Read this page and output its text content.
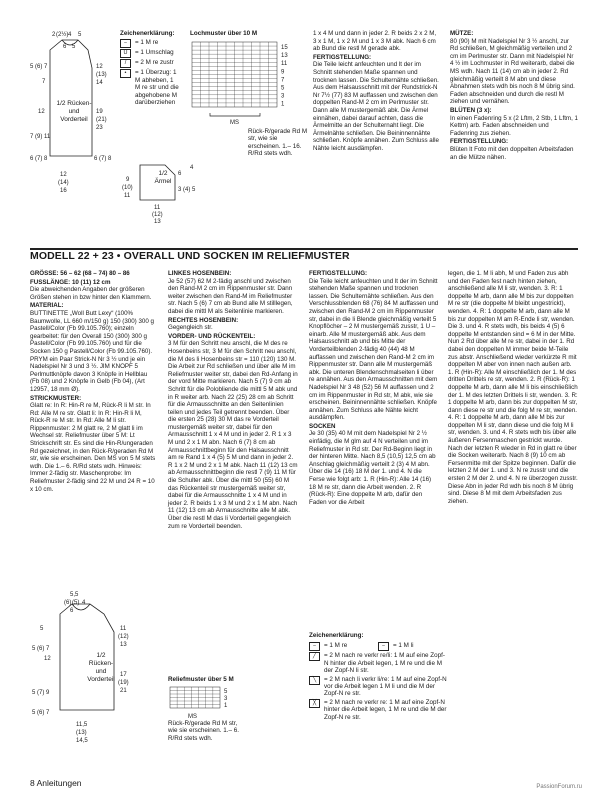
2 (2½) 4 5
6 5
5 (6) 7
7
12
(13)
14
12	19
(21)
23
7 (9) 11
6 (7) 8	6 (7) 8
12
(14)
16
1/2 Rücken- und Vorderteil
Zeichenerklärung:
−	= 1 M re
U	= 1 Umschlag
/	= 2 M re zustr
•	= 1 Überzug: 1 M abheben, 1 M re str und die abgehobene M darüberziehen
9
(10)
11
6
4
3 (4) 5
11
(12)
13
1/2 Ärmel
Lochmuster über 10 M
15
13
11
9
7
5
3
1
MS
Rück-R/gerade Rd M str, wie sie erscheinen. 1.– 16. R/Rd stets wdh.

1 x 4 M und dann in jeder 2. R beids 2 x 2 M, 3 x 1 M, 1 x 2 M und 1 x 3 M abk. Nach 6 cm ab Bund die restl M gerade abk.

FERTIGSTELLUNG:

Die Teile leicht anfeuchten und lt der im Schnitt stehenden Maße spannen und trocknen lassen. Die Schulternähte schließen. Aus dem Halsausschnitt mit der Rundstrick-N Nr 7½ (77) 83 M auffassen und zwischen den doppelten Rand-M 2 cm im Perlmuster str. Dann alle M mustergemäß abk. Die Ärmel einnähen, dabei darauf achten, dass die Ärmelmitte an der Schulternaht liegt. Die Ärmelnähte schließen. Die Beininnennähte schließen. Knöpfe annähen. Zum Schluss alle Nähte leicht ausdämpfen.

MÜTZE:

80 (90) M mit Nadelspiel Nr 3 ½ anschl, zur Rd schließen, M gleichmäßig verteilen und 2 cm im Perlmuster str. Dann mit Nadelspiel Nr 4 ½ im Lochmuster in Rd weiterarb, dabei die MS wdh. Nach 11 (14) cm ab in jeder 2. Rd gleichmäßig verteilt 8 M abn und diese Abnahmen stets wdh bis noch 8 M übrig sind. Faden abschneiden und durch die restl M ziehen und vernähen.

BLÜTEN (3 x):

In einen Fadenring 5 x (2 Lftm, 2 Stb, 1 Lftm, 1 Kettm) arb. Faden abschneiden und Fadenring zus ziehen.

FERTIGSTELLUNG:

Blüten lt Foto mit den doppelten Arbeitsfaden an die Mütze nähen.

MODELL 22 + 23 • OVERALL UND SOCKEN IM RELIEFMUSTER
GRÖSSE: 56 – 62 (68 – 74) 80 – 86

FUSSLÄNGE: 10 (11) 12 cm

Die abweichenden Angaben der größeren Größen stehen in bzw hinter den Klammern.

MATERIAL:

BUTTINETTE „Woll Butt Lexy“ (100% Baumwolle, LL 660 m/150 g) 150 (300) 300 g Pastell/Color (Fb 99.105.760); einzeln gearbeitet: für den Overall 150 (300) 300 g Pastell/Color (Fb 99.105.760) und für die Socken 150 g Pastell/Color (Fb 99.105.760). PRYM ein Paar Strick-N Nr 3 ½ und je ein Nadelspiel Nr 3 und 3 ½. JIM KNOPF 5 Perlmuttknöpfe davon 3 Knöpfe in Hellblau (Fb 08) und 2 Knöpfe in Gelb (Fb 04), (Art 12957, 18 mm Ø).

STRICKMUSTER:

Glatt re: In R: Hin-R re M, Rück-R li M str. In Rd: Alle M re str. Glatt li: In R: Hin-R li M, Rück-R re M str. In Rd: Alle M li str. Rippenmuster: 2 M glatt re, 2 M glatt li im Wechsel str. Reliefmuster über 5 M: Lt Strickschrift str. Es sind die Hin-R/ungeraden Rd gezeichnet, in den Rück-R/geraden Rd M str, wie sie erscheinen. Den MS von 5 M stets wdh. Die 1.– 6. R/Rd stets wdh. Hinweis: Immer 2-fädig str. Maschenprobe: Im Reliefmuster 2-fädig sind 22 M und 24 R = 10 x 10 cm.

LINKES HOSENBEIN:

Je 52 (57) 62 M 2-fädig anschl und zwischen den Rand-M 2 cm im Rippenmuster str. Dann weiter zwischen den Rand-M im Reliefmuster str. Nach 5 (6) 7 cm ab Bund alle M stilllegen, dabei die mittl M als Seitenlinie markieren.

RECHTES HOSENBEIN:

Gegengleich str.

VORDER- UND RÜCKENTEIL:

3 M für den Schritt neu anschl, die M des re Hosenbeins str, 3 M für den Schritt neu anschl, die M des li Hosenbeins str = 110 (120) 130 M. Die Arbeit zur Rd schließen und über alle M im Reliefmuster weiter str, dabei den Rd-Anfang in der vord Mitte markieren. Nach 5 (7) 9 cm ab Schritt für die Polobliende die mittl 5 M abk und in R weiter arb. Nach 22 (25) 28 cm ab Schritt für die Armausschnitte an den Seitenlinien teilen und jedes Teil getrennt beenden. Über die ersten 25 (28) 30 M das re Vorderteil mustergemäß weiter str, dabei für den Armausschnitt 1 x 4 M und in jeder 2. R 1 x 3 M und 2 x 1 M abn. Nach 6 (7) 8 cm ab Armausschnittbeginn für den Halsausschnitt am re Rand 1 x 4 (5) 5 M und dann in jeder 2. R 1 x 2 M und 2 x 1 M abk. Nach 11 (12) 13 cm ab Armausschnittbeginn die restl 7 (9) 11 M für die Schulter abk. Über die mittl 50 (55) 60 M das Rückenteil str mustergemäß weiter str, dabei für die Armausschnitte 1 x 4 M und in jeder 2. R beids 1 x 3 M und 2 x 1 M abn. Nach 11 (12) 13 cm ab Armausschnitte alle M abk. Über die restl M das li Vorderteil gegengleich zum re Vorderteil beenden.

FERTIGSTELLUNG:

Die Teile leicht anfeuchten und lt der im Schnitt stehenden Maße spannen und trocknen lassen. Die Schulternähte schließen. Aus den Verschlussblenden 68 (76) 84 M auffassen und zwischen den Rand-M 2 cm im Rippenmuster str, dabei in die li Blende gleichmäßig verteilt 5 Knopflöcher – 2 M mustergemäß zusstr, 1 U – einarb. Alle M mustergemäß abk. Aus dem Halsausschnitt ab und bis Mitte der Vorderteilblenden 2-fädig 40 (44) 48 M auffassen und zwischen den Rand-M 2 cm im Rippenmuster str. Dann alle M mustergemäß abk. Die unteren Blendenschmalseiten li über re annähen. Aus den Armausschnitten mit dem Nadelspiel Nr 3 48 (52) 56 M auffassen und 2 cm im Rippenmuster in Rd str, M abk, wie sie erscheinen. Beininnennähte schließen. Knöpfe annähen. Zum Schluss alle Nähte leicht ausdämpfen.

SOCKEN

Je 30 (35) 40 M mit dem Nadelspiel Nr 2 ½ einfädig, die M glm auf 4 N verteilen und im Reliefmuster in Rd str. Der Rd-Beginn liegt in der hinteren Mitte. Nach 8,5 (10,5) 12,5 cm ab Anschlag gleichmäßig verteilt 2 (3) 4 M abn. Über die 14 (16) 18 M der 1. und 4. N die Ferse wie folgt arb: 1. R (Hin-R): Alle 14 (16) 18 M re str, dann die Arbeit wenden. 2. R (Rück-R): Eine doppelte M arb, dafür den Faden vor die Arbeit

legen, die 1. M li abh, M und Faden zus abh und den Faden fest nach hinten ziehen, anschließend alle M li str, wenden. 3. R: 1 doppelte M arb, dann alle M bis zur doppelten M re str (die doppelte M bleibt ungestrickt), wenden. 4. R: 1 doppelte M arb, dann alle M bis zur doppelten M am R-Ende li str, wenden. Die 3. und 4. R stets wdh, bis beids 4 (5) 6 doppelte M entstanden sind = 6 M in der Mitte. Nun 2 Rd über alle M re str, dabei in der 1. Rd dabei den doppelten M immer beide M-Teile zus abstr. Anschließend wieder verkürzte R mit doppelten M aber von innen nach außen arb. 1. R (Hin-R): Alle M einschließlich der 1. M des dritten Drittels re str, wenden. 2. R (Rück-R): 1 doppelte M arb, dann alle M li bis einschließlich der 1. M des letzten Drittels li str, wenden. 3. R: 1 doppelte M arb, dann bis zur doppelten M str, dann diese re str und die folg M re str, wenden. 4. R: 1 doppelte M arb, dann alle M bis zur doppelten M li str, dann diese und die folg M li str, wenden. 3. und 4. R stets wdh bis über alle äußeren Fersenmaschen gestrickt wurde. Nach der letzten R wieder in Rd in glatt re über die Socken weiterarb. Nach 8 (9) 10 cm ab Fersenmitte mit der Spitze beginnen. Dafür die letzten 2 M der 1. und 3. N re zusstr und die ersten 2 M der 2. und 4. N re überzogen zusstr. Diese Abn in jeder Rd wdh bis noch 8 M übrig sind. Diese 8 M mit dem Arbeitsfaden zus ziehen.

5,5
(6) (5) 4
6
5	11
(12)
13
5 (6) 7
12
17
(19)
21
5 (7) 9
5 (6) 7
11,5
(13)
14,5
1/2 Rücken- und Vorderteil	Reliefmuster über 5 M
5
3
1
MS
Rück-R/gerade Rd M str, wie sie erscheinen. 1.– 6. R/Rd stets wdh.
Zeichenerklärung:
−	= 1 M re	−	= 1 M li
╱	= 2 M nach re verkr re/li: 1 M auf eine Zopf-N hinter die Arbeit legen, 1 M re und die M der Zopf-N li str.
╲	= 2 M nach li verkr li/re: 1 M auf eine Zopf-N vor die Arbeit legen 1 M li und die M der Zopf-N re str.
╳	= 2 M nach re verkr re: 1 M auf eine Zopf-N hinter die Arbeit legen, 1 M re und die M der Zopf-N re str.
8 Anleitungen	PassionForum.ru
